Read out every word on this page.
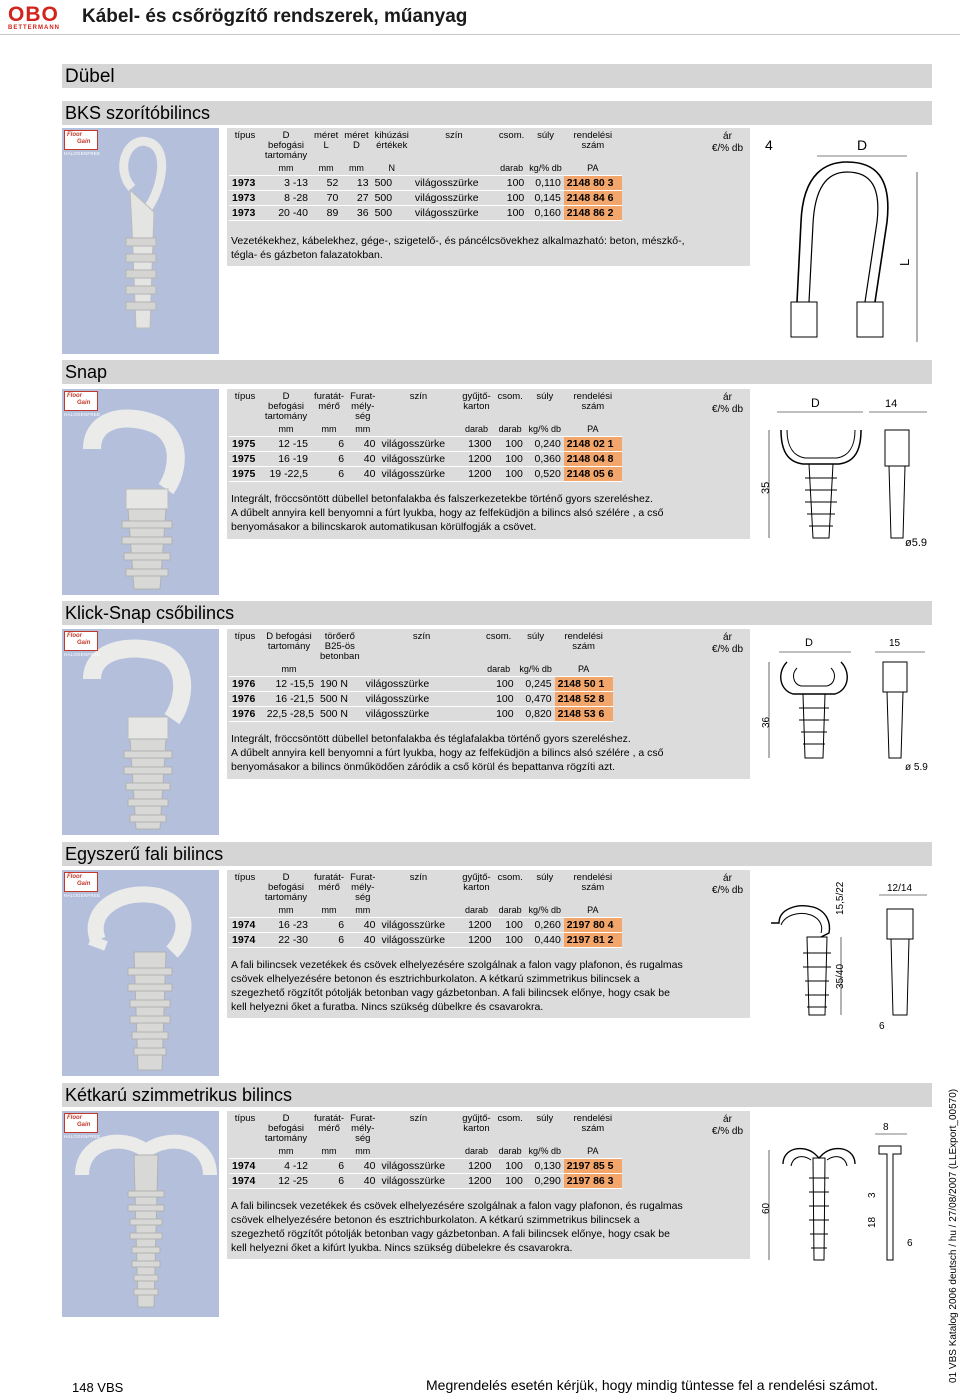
OBO
BETTERMANN
Kábel- és csőrögzítő rendszerek, műanyag
Dübel
BKS szorítóbilincs
Floor
Gain
HALOGENFREE
típus	D befogási tartomány	méret L	méret D	kihúzási értékek	szín	csom.	súly	rendelési szám
	mm	mm	mm	N		darab	kg/% db	PA
1973	3 -13	52	13	500	világosszürke	100	0,110	2148 80 3
1973	8 -28	70	27	500	világosszürke	100	0,145	2148 84 6
1973	20 -40	89	36	500	világosszürke	100	0,160	2148 86 2
Vezetékekhez, kábelekhez, gége-, szigetelő-, és páncélcsövekhez alkalmazható: beton, mészkő-,
tégla- és gázbeton falazatokban.
ár
€/% db	4	D
L
Snap
Floor
Gain
HALOGENFREE
típus	D befogási tartomány	furatát-mérő	Furat-mély-ség	szín	gyűjtő-karton	csom.	súly	rendelési szám
	mm	mm	mm		darab	darab	kg/% db	PA
1975	12 -15	6	40	világosszürke	1300	100	0,240	2148 02 1
1975	16 -19	6	40	világosszürke	1200	100	0,360	2148 04 8
1975	19 -22,5	6	40	világosszürke	1200	100	0,520	2148 05 6
Integrált, fröccsöntött dübellel betonfalakba és falszerkezetekbe történő gyors szereléshez.
A dűbelt annyira kell benyomni a fúrt lyukba, hogy az felfeküdjön a bilincs alsó szélére , a cső
benyomásakor a bilincskarok automatikusan körülfogják a csövet.
ár
€/% db	D	14
35
ø5.9
Klick-Snap csőbilincs
Floor
Gain
HALOGENFREE
típus	D befogási tartomány	törőerő B25-ös betonban	szín	csom.	súly	rendelési szám
	mm			darab	kg/% db	PA
1976	12 -15,5	190 N	világosszürke	100	0,245	2148 50 1
1976	16 -21,5	500 N	világosszürke	100	0,470	2148 52 8
1976	22,5 -28,5	500 N	világosszürke	100	0,820	2148 53 6
Integrált, fröccsöntött dübellel betonfalakba és téglafalakba történő gyors szereléshez.
A dűbelt annyira kell benyomni a fúrt lyukba, hogy az felfeküdjön a bilincs alsó szélére , a cső
benyomásakor a bilincs önműködően záródik a cső körül és bepattanva rögzíti azt.
ár
€/% db
D	15
36
ø 5.9
Egyszerű fali bilincs
Floor
Gain
HALOGENFREE
típus	D befogási tartomány	furatát-mérő	Furat-mély-ség	szín	gyűjtő-karton	csom.	súly	rendelési szám
	mm	mm	mm		darab	darab	kg/% db	PA
1974	16 -23	6	40	világosszürke	1200	100	0,260	2197 80 4
1974	22 -30	6	40	világosszürke	1200	100	0,440	2197 81 2
A fali bilincsek vezetékek és csövek elhelyezésére szolgálnak a falon vagy plafonon, és rugalmas
csövek elhelyezésére betonon és esztrichburkolaton. A kétkarú szimmetrikus bilincsek a
szegezhető rögzítőt pótolják betonban vagy gázbetonban. A fali bilincsek előnye, hogy csak be
kell helyezni őket a furatba. Nincs szükség dübelkre és csavarokra.
ár
€/% db	15,5/22	12/14
35/40
6
Kétkarú szimmetrikus bilincs
Floor
Gain
HALOGENFREE
típus	D befogási tartomány	furatát-mérő	Furat-mély-ség	szín	gyűjtő-karton	csom.	súly	rendelési szám
	mm	mm	mm		darab	darab	kg/% db	PA
1974	4 -12	6	40	világosszürke	1200	100	0,130	2197 85 5
1974	12 -25	6	40	világosszürke	1200	100	0,290	2197 86 3
A fali bilincsek vezetékek és csövek elhelyezésére szolgálnak a falon vagy plafonon, és rugalmas
csövek elhelyezésére betonon és esztrichburkolaton. A kétkarú szimmetrikus bilincsek a
szegezhető rögzítőt pótolják betonban vagy gázbetonban. A fali bilincsek előnye, hogy csak be
kell helyezni őket a kifúrt lyukba. Nincs szükség dübelekre és csavarokra.
ár
€/% db	8
60
3
18
6
148 VBS	Megrendelés esetén kérjük, hogy mindig tüntesse fel a rendelési számot.
01 VBS Katalog 2006 deutsch / hu / 27/08/2007 (LLExport_00570)
